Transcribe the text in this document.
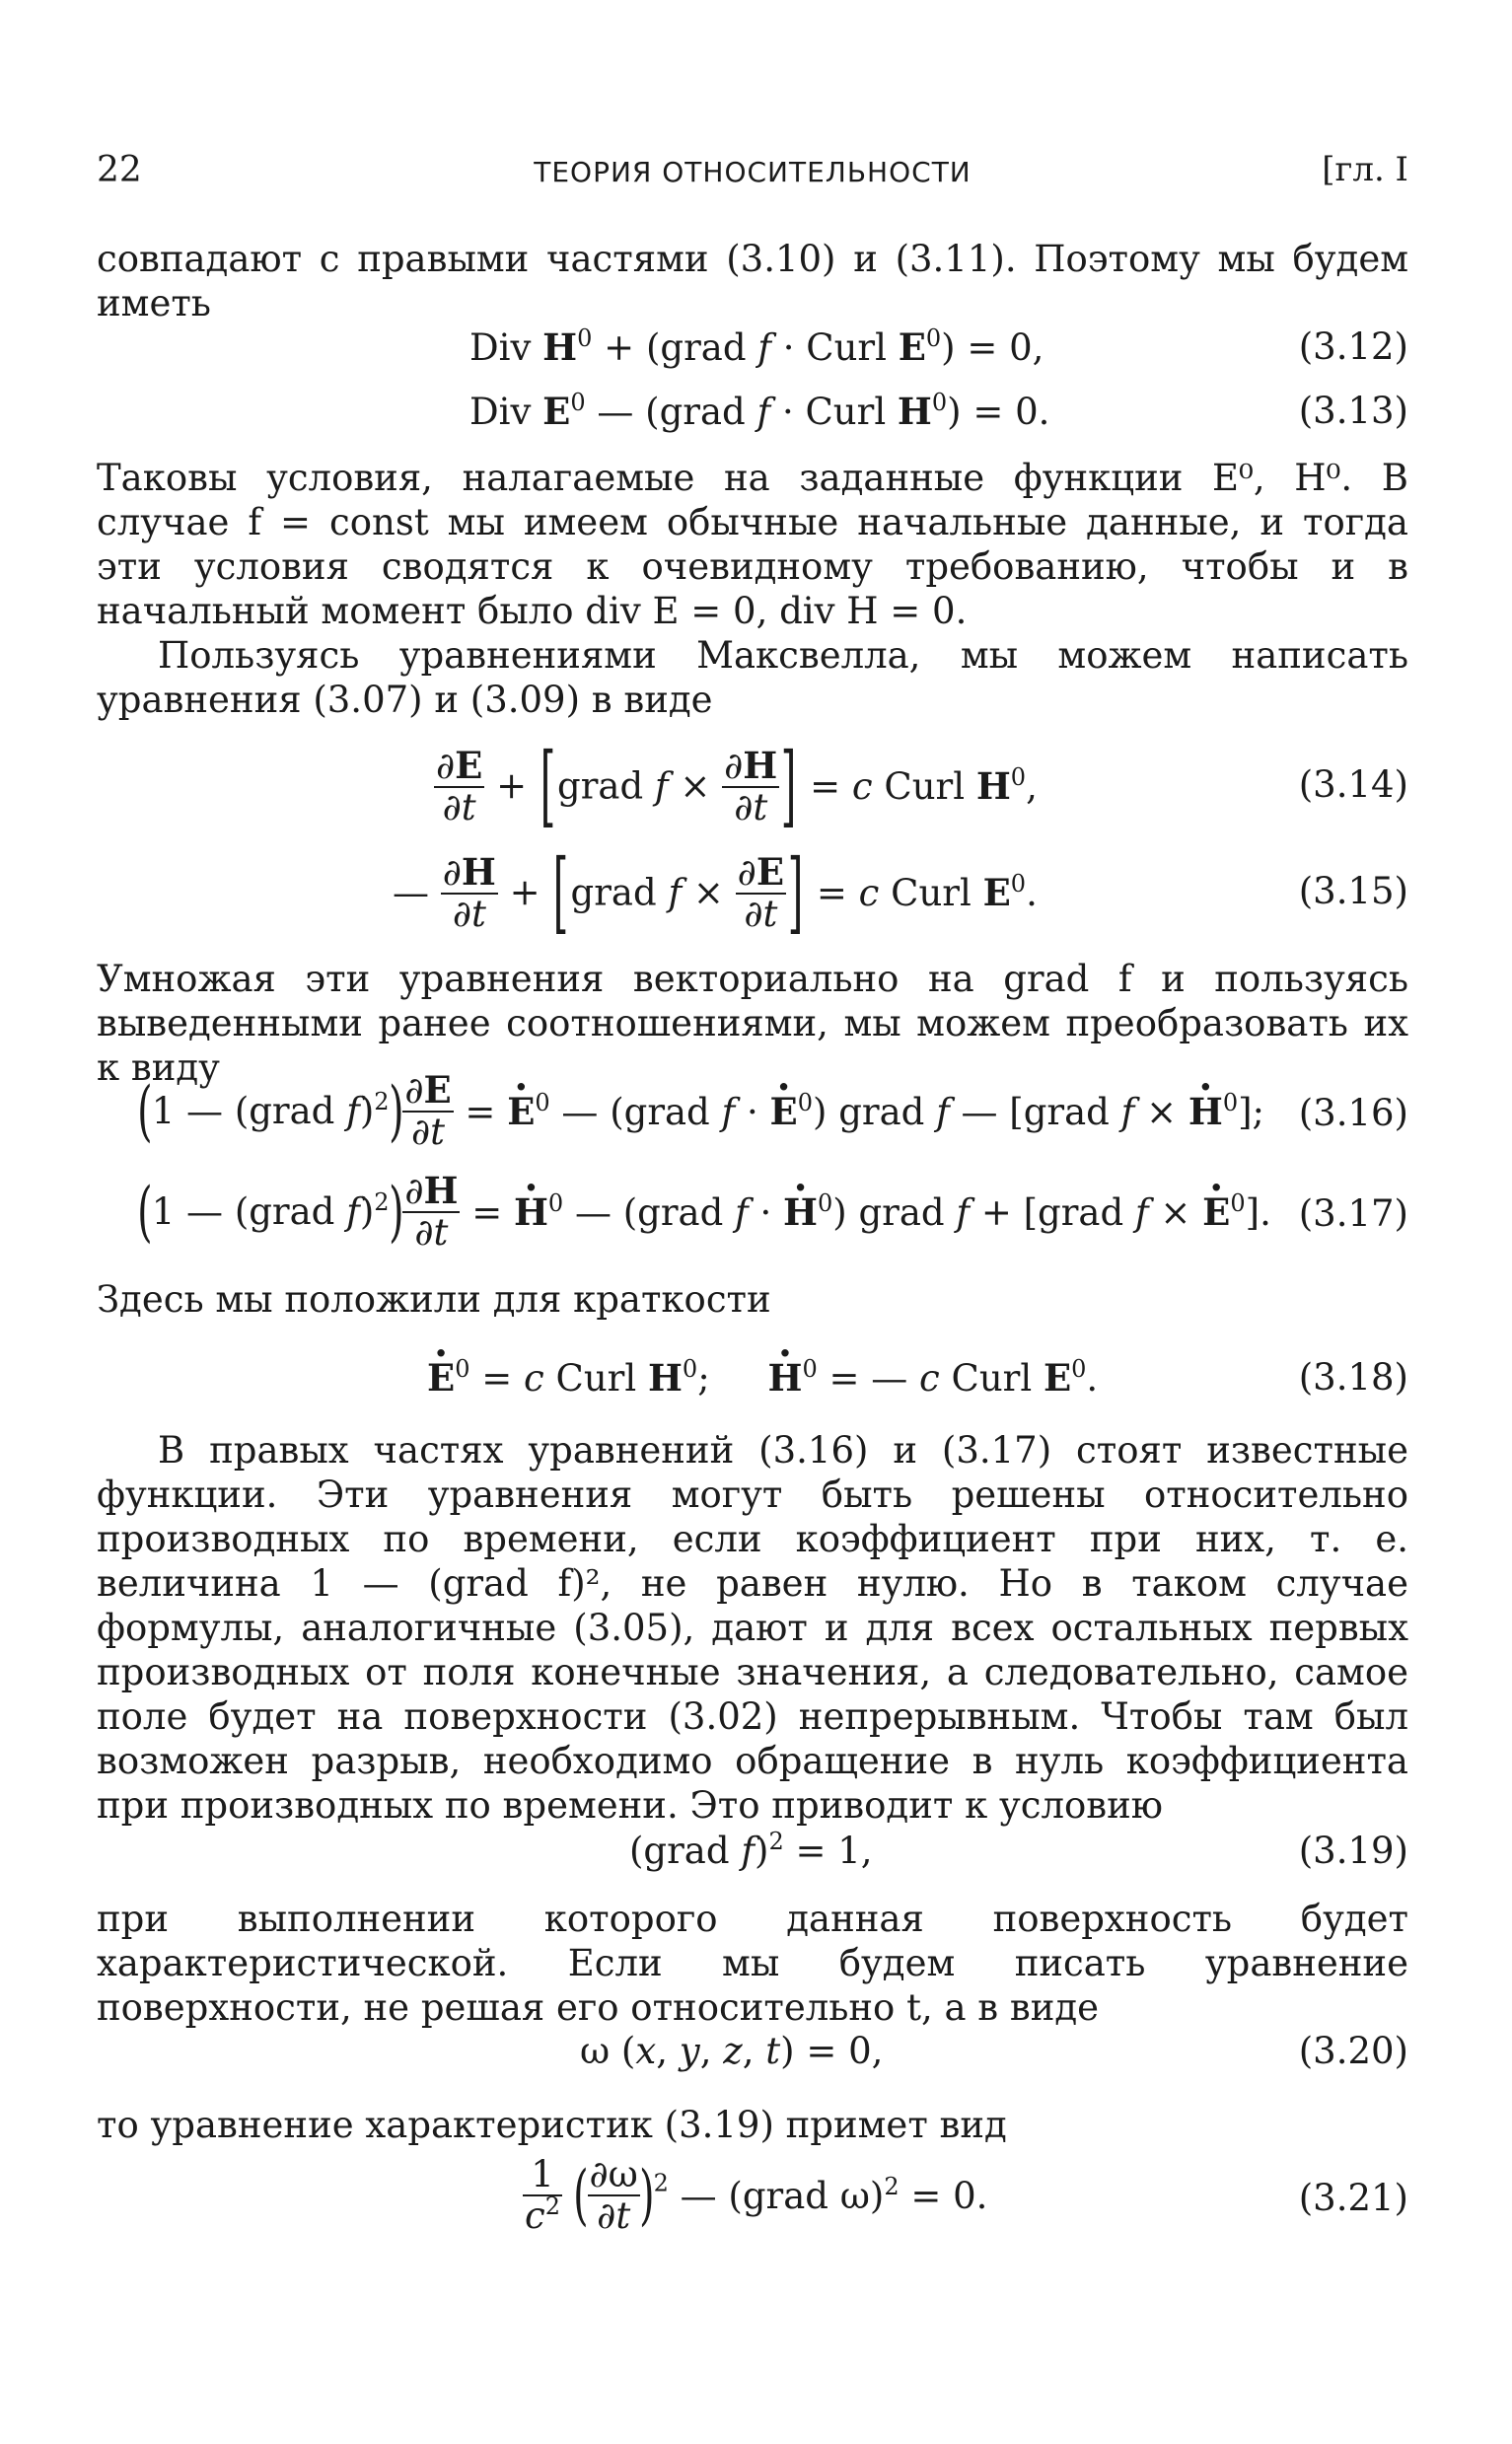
22	ТЕОРИЯ ОТНОСИТЕЛЬНОСТИ	[гл. I
совпадают с правыми частями (3.10) и (3.11). Поэтому мы будем иметь
Div $H^0$ + (grad f · Curl $E^0) = 0$,	(3.12)
Div $E^0$ — (grad f · Curl $H^0) = 0$.	(3.13)
Таковы условия, налагаемые на заданные функции E⁰, H⁰. В случае f = const мы имеем обычные начальные данные, и тогда эти условия сводятся к очевидному требованию, чтобы и в начальный момент было div E = 0, div H = 0.
Пользуясь уравнениями Максвелла, мы можем написать уравнения (3.07) и (3.09) в виде
$\frac{\partial E}{\partial t}$ + [grad $f \times \frac{\partial H}{\partial t}$ ] = c Curl $H^0$,	(3.14)
— $\frac{\partial H}{\partial t}$ + [grad $f \times \frac{\partial E}{\partial t}$ ] = c Curl $E^0$.	(3.15)
Умножая эти уравнения векториально на grad f и пользуясь выведенными ранее соотношениями, мы можем преобразовать их к виду
(1 — (grad $f)^2) \frac{\partial E}{\partial t}$ = · $E^0$ — (grad f · · $E^0$) grad f — [grad f × · $H^0$]; (3.16)
(1 — (grad $f)^2) \frac{\partial H}{\partial t}$ = · $H^0$ — (grad f · · $H^0$) grad f + [grad f × · $E^0$]. (3.17)
Здесь мы положили для краткости
· $E^0 = c$ Curl $H^0$;     · $H^0$ = — c Curl $E^0$.	(3.18)
В правых частях уравнений (3.16) и (3.17) стоят известные функции. Эти уравнения могут быть решены относительно производных по времени, если коэффициент при них, т. е. величина 1 — (grad f)², не равен нулю. Но в таком случае формулы, аналогичные (3.05), дают и для всех остальных первых производных от поля конечные значения, а следовательно, самое поле будет на поверхности (3.02) непрерывным. Чтобы там был возможен разрыв, необходимо обращение в нуль коэффициента при производных по времени. Это приводит к условию
(grad f)$^2$ = 1,	(3.19)
при выполнении которого данная поверхность будет характеристической. Если мы будем писать уравнение поверхности, не решая его относительно t, а в виде
ω (x, y, z, t) = 0,	(3.20)
то уравнение характеристик (3.19) примет вид
$\frac{1}{c^2}$ ( $\frac{\partial\omega}{\partial t} )^2$ — (grad ω)$^2$ = 0.	(3.21)
